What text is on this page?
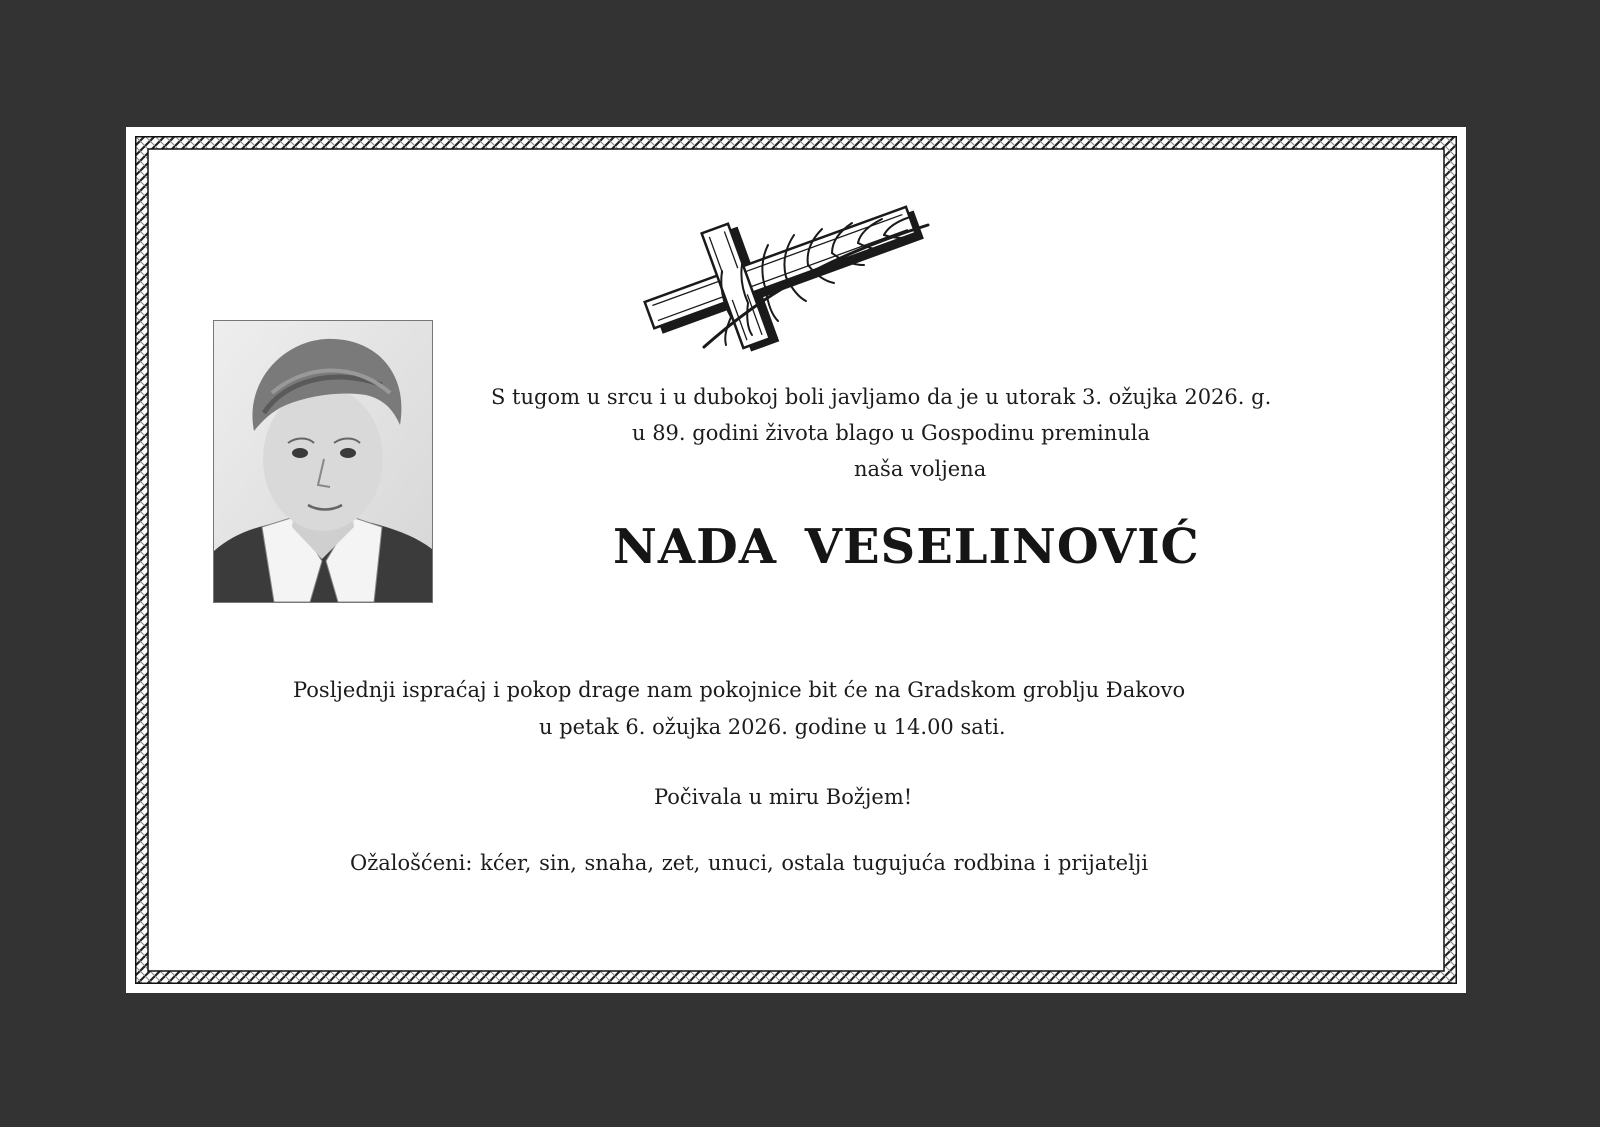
S tugom u srcu i u dubokoj boli javljamo da je u utorak 3. ožujka 2026. g.
u 89. godini života blago u Gospodinu preminula
naša voljena
NADA VESELINOVIĆ
Posljednji ispraćaj i pokop drage nam pokojnice bit će na Gradskom groblju Đakovo
u petak 6. ožujka 2026. godine u 14.00 sati.
Počivala u miru Božjem!
Ožalošćeni: kćer, sin, snaha, zet, unuci, ostala tugujuća rodbina i prijatelji
